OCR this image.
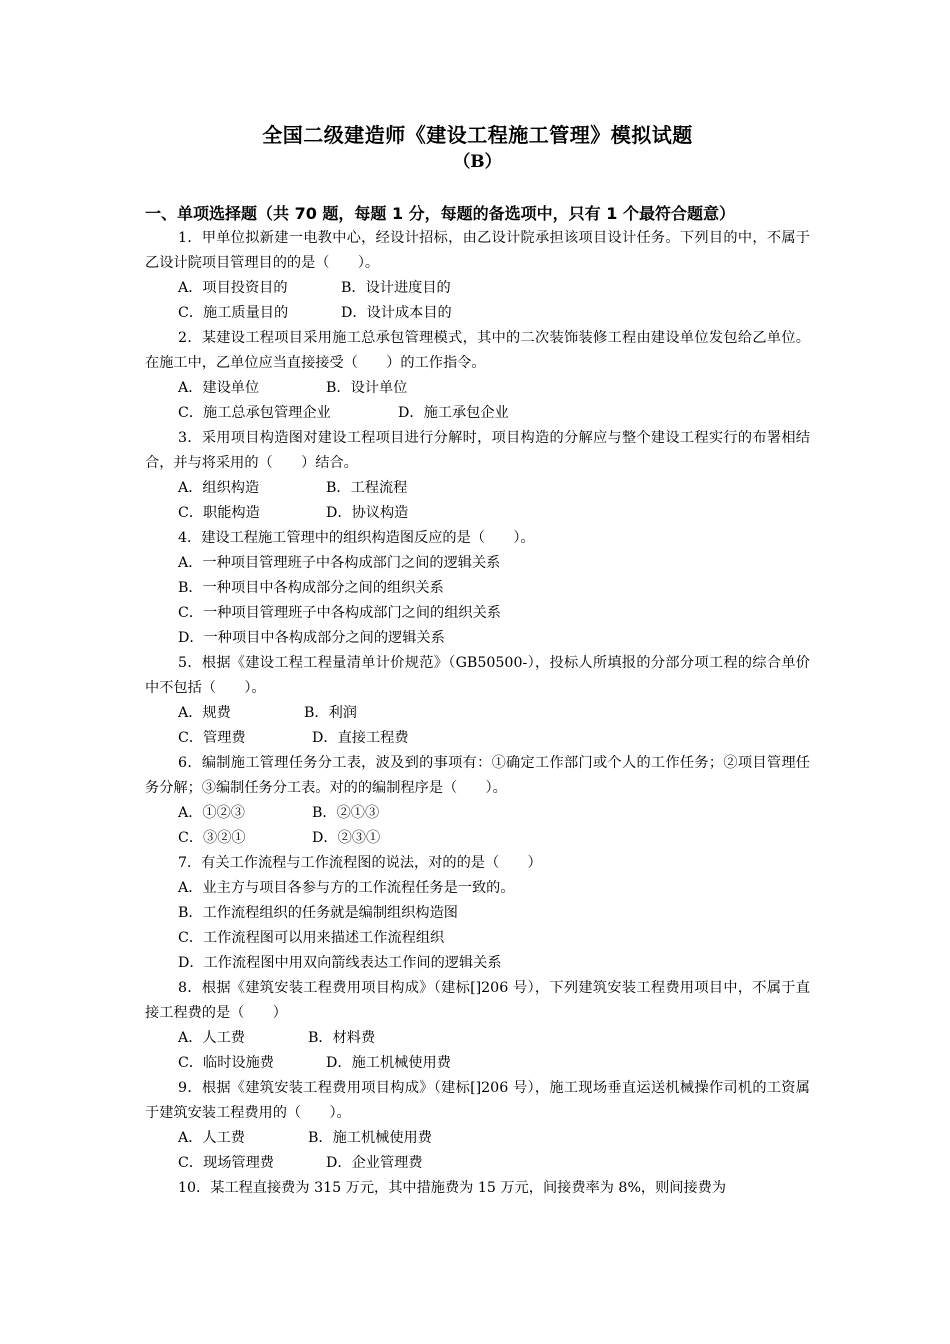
全国二级建造师《建设工程施工管理》模拟试题
（B）
一、单项选择题（共 70 题，每题 1 分，每题的备选项中，只有 1 个最符合题意）
1．甲单位拟新建一电教中心，经设计招标，由乙设计院承担该项目设计任务。下列目的中，不属于乙设计院项目管理目的的是（　　）。
A．项目投资目的	B．设计进度目的
C．施工质量目的	D．设计成本目的
2．某建设工程项目采用施工总承包管理模式，其中的二次装饰装修工程由建设单位发包给乙单位。在施工中，乙单位应当直接接受（　　）的工作指令。
A．建设单位	B．设计单位
C．施工总承包管理企业	D．施工承包企业
3．采用项目构造图对建设工程项目进行分解时，项目构造的分解应与整个建设工程实行的布署相结合，并与将采用的（　　）结合。
A．组织构造	B．工程流程
C．职能构造	D．协议构造
4．建设工程施工管理中的组织构造图反应的是（　　）。
A．一种项目管理班子中各构成部门之间的逻辑关系
B．一种项目中各构成部分之间的组织关系
C．一种项目管理班子中各构成部门之间的组织关系
D．一种项目中各构成部分之间的逻辑关系
5．根据《建设工程工程量清单计价规范》（GB50500-），投标人所填报的分部分项工程的综合单价中不包括（　　）。
A．规费	B．利润
C．管理费	D．直接工程费
6．编制施工管理任务分工表，波及到的事项有：①确定工作部门或个人的工作任务；②项目管理任务分解；③编制任务分工表。对的的编制程序是（　　）。
A．①②③	B．②①③
C．③②①	D．②③①
7．有关工作流程与工作流程图的说法，对的的是（　　）
A．业主方与项目各参与方的工作流程任务是一致的。
B．工作流程组织的任务就是编制组织构造图
C．工作流程图可以用来描述工作流程组织
D．工作流程图中用双向箭线表达工作间的逻辑关系
8．根据《建筑安装工程费用项目构成》（建标[]206 号），下列建筑安装工程费用项目中，不属于直接工程费的是（　　）
A．人工费	B．材料费
C．临时设施费	D．施工机械使用费
9．根据《建筑安装工程费用项目构成》（建标[]206 号），施工现场垂直运送机械操作司机的工资属于建筑安装工程费用的（　　）。
A．人工费	B．施工机械使用费
C．现场管理费	D．企业管理费
10．某工程直接费为 315 万元，其中措施费为 15 万元，间接费率为 8%，则间接费为
